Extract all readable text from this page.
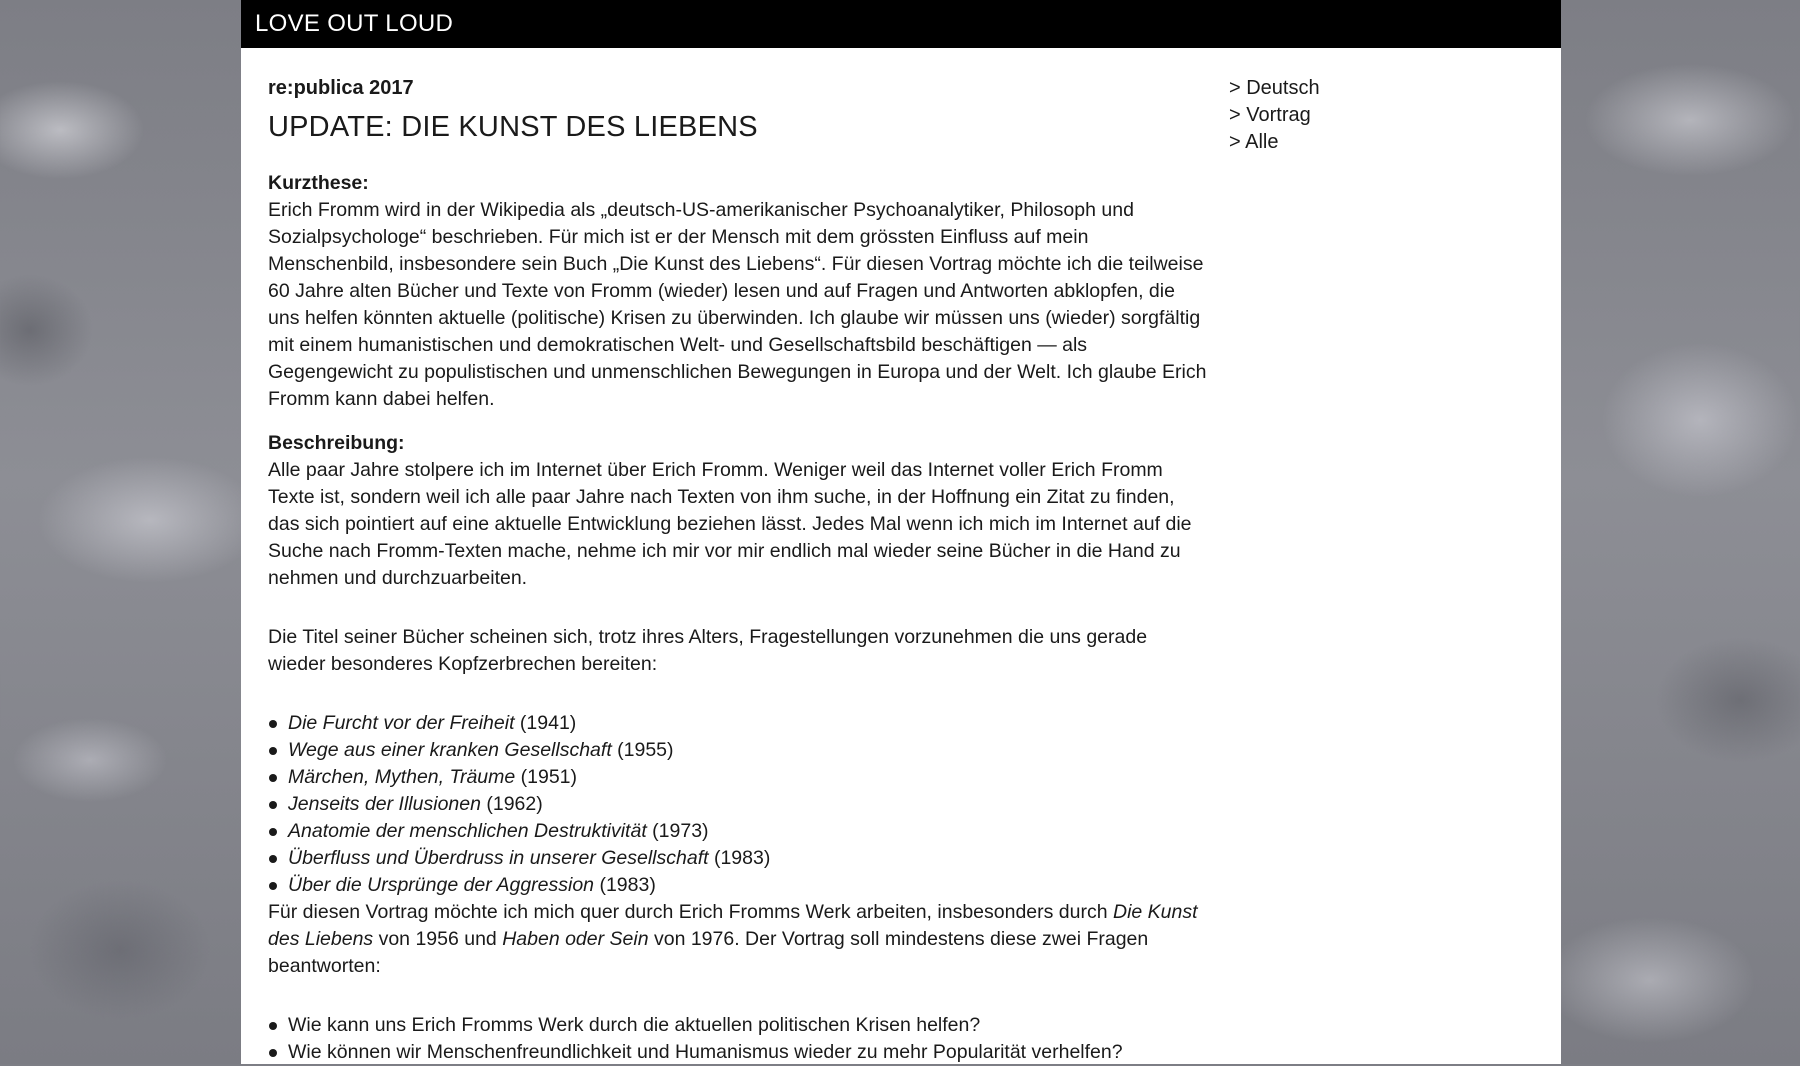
LOVE OUT LOUD
re:publica 2017
UPDATE: DIE KUNST DES LIEBENS
Kurzthese:

Erich Fromm wird in der Wikipedia als „deutsch-US-amerikanischer Psychoanalytiker, Philosoph und Sozialpsychologe“ beschrieben. Für mich ist er der Mensch mit dem grössten Einfluss auf mein Menschenbild, insbesondere sein Buch „Die Kunst des Liebens“. Für diesen Vortrag möchte ich die teilweise 60 Jahre alten Bücher und Texte von Fromm (wieder) lesen und auf Fragen und Antworten abklopfen, die uns helfen könnten aktuelle (politische) Krisen zu überwinden. Ich glaube wir müssen uns (wieder) sorgfältig mit einem humanistischen und demokratischen Welt- und Gesellschaftsbild beschäftigen — als Gegengewicht zu populistischen und unmenschlichen Bewegungen in Europa und der Welt. Ich glaube Erich Fromm kann dabei helfen.

Beschreibung:

Alle paar Jahre stolpere ich im Internet über Erich Fromm. Weniger weil das Internet voller Erich Fromm Texte ist, sondern weil ich alle paar Jahre nach Texten von ihm suche, in der Hoffnung ein Zitat zu finden, das sich pointiert auf eine aktuelle Entwicklung beziehen lässt. Jedes Mal wenn ich mich im Internet auf die Suche nach Fromm-Texten mache, nehme ich mir vor mir endlich mal wieder seine Bücher in die Hand zu nehmen und durchzuarbeiten.

Die Titel seiner Bücher scheinen sich, trotz ihres Alters, Fragestellungen vorzunehmen die uns gerade wieder besonderes Kopfzerbrechen bereiten:

Die Furcht vor der Freiheit (1941)
Wege aus einer kranken Gesellschaft (1955)
Märchen, Mythen, Träume (1951)
Jenseits der Illusionen (1962)
Anatomie der menschlichen Destruktivität (1973)
Überfluss und Überdruss in unserer Gesellschaft (1983)
Über die Ursprünge der Aggression (1983)

Für diesen Vortrag möchte ich mich quer durch Erich Fromms Werk arbeiten, insbesonders durch Die Kunst des Liebens von 1956 und Haben oder Sein von 1976. Der Vortrag soll mindestens diese zwei Fragen beantworten:

Wie kann uns Erich Fromms Werk durch die aktuellen politischen Krisen helfen?
Wie können wir Menschenfreundlichkeit und Humanismus wieder zu mehr Popularität verhelfen?
> Deutsch
> Vortrag
> Alle
